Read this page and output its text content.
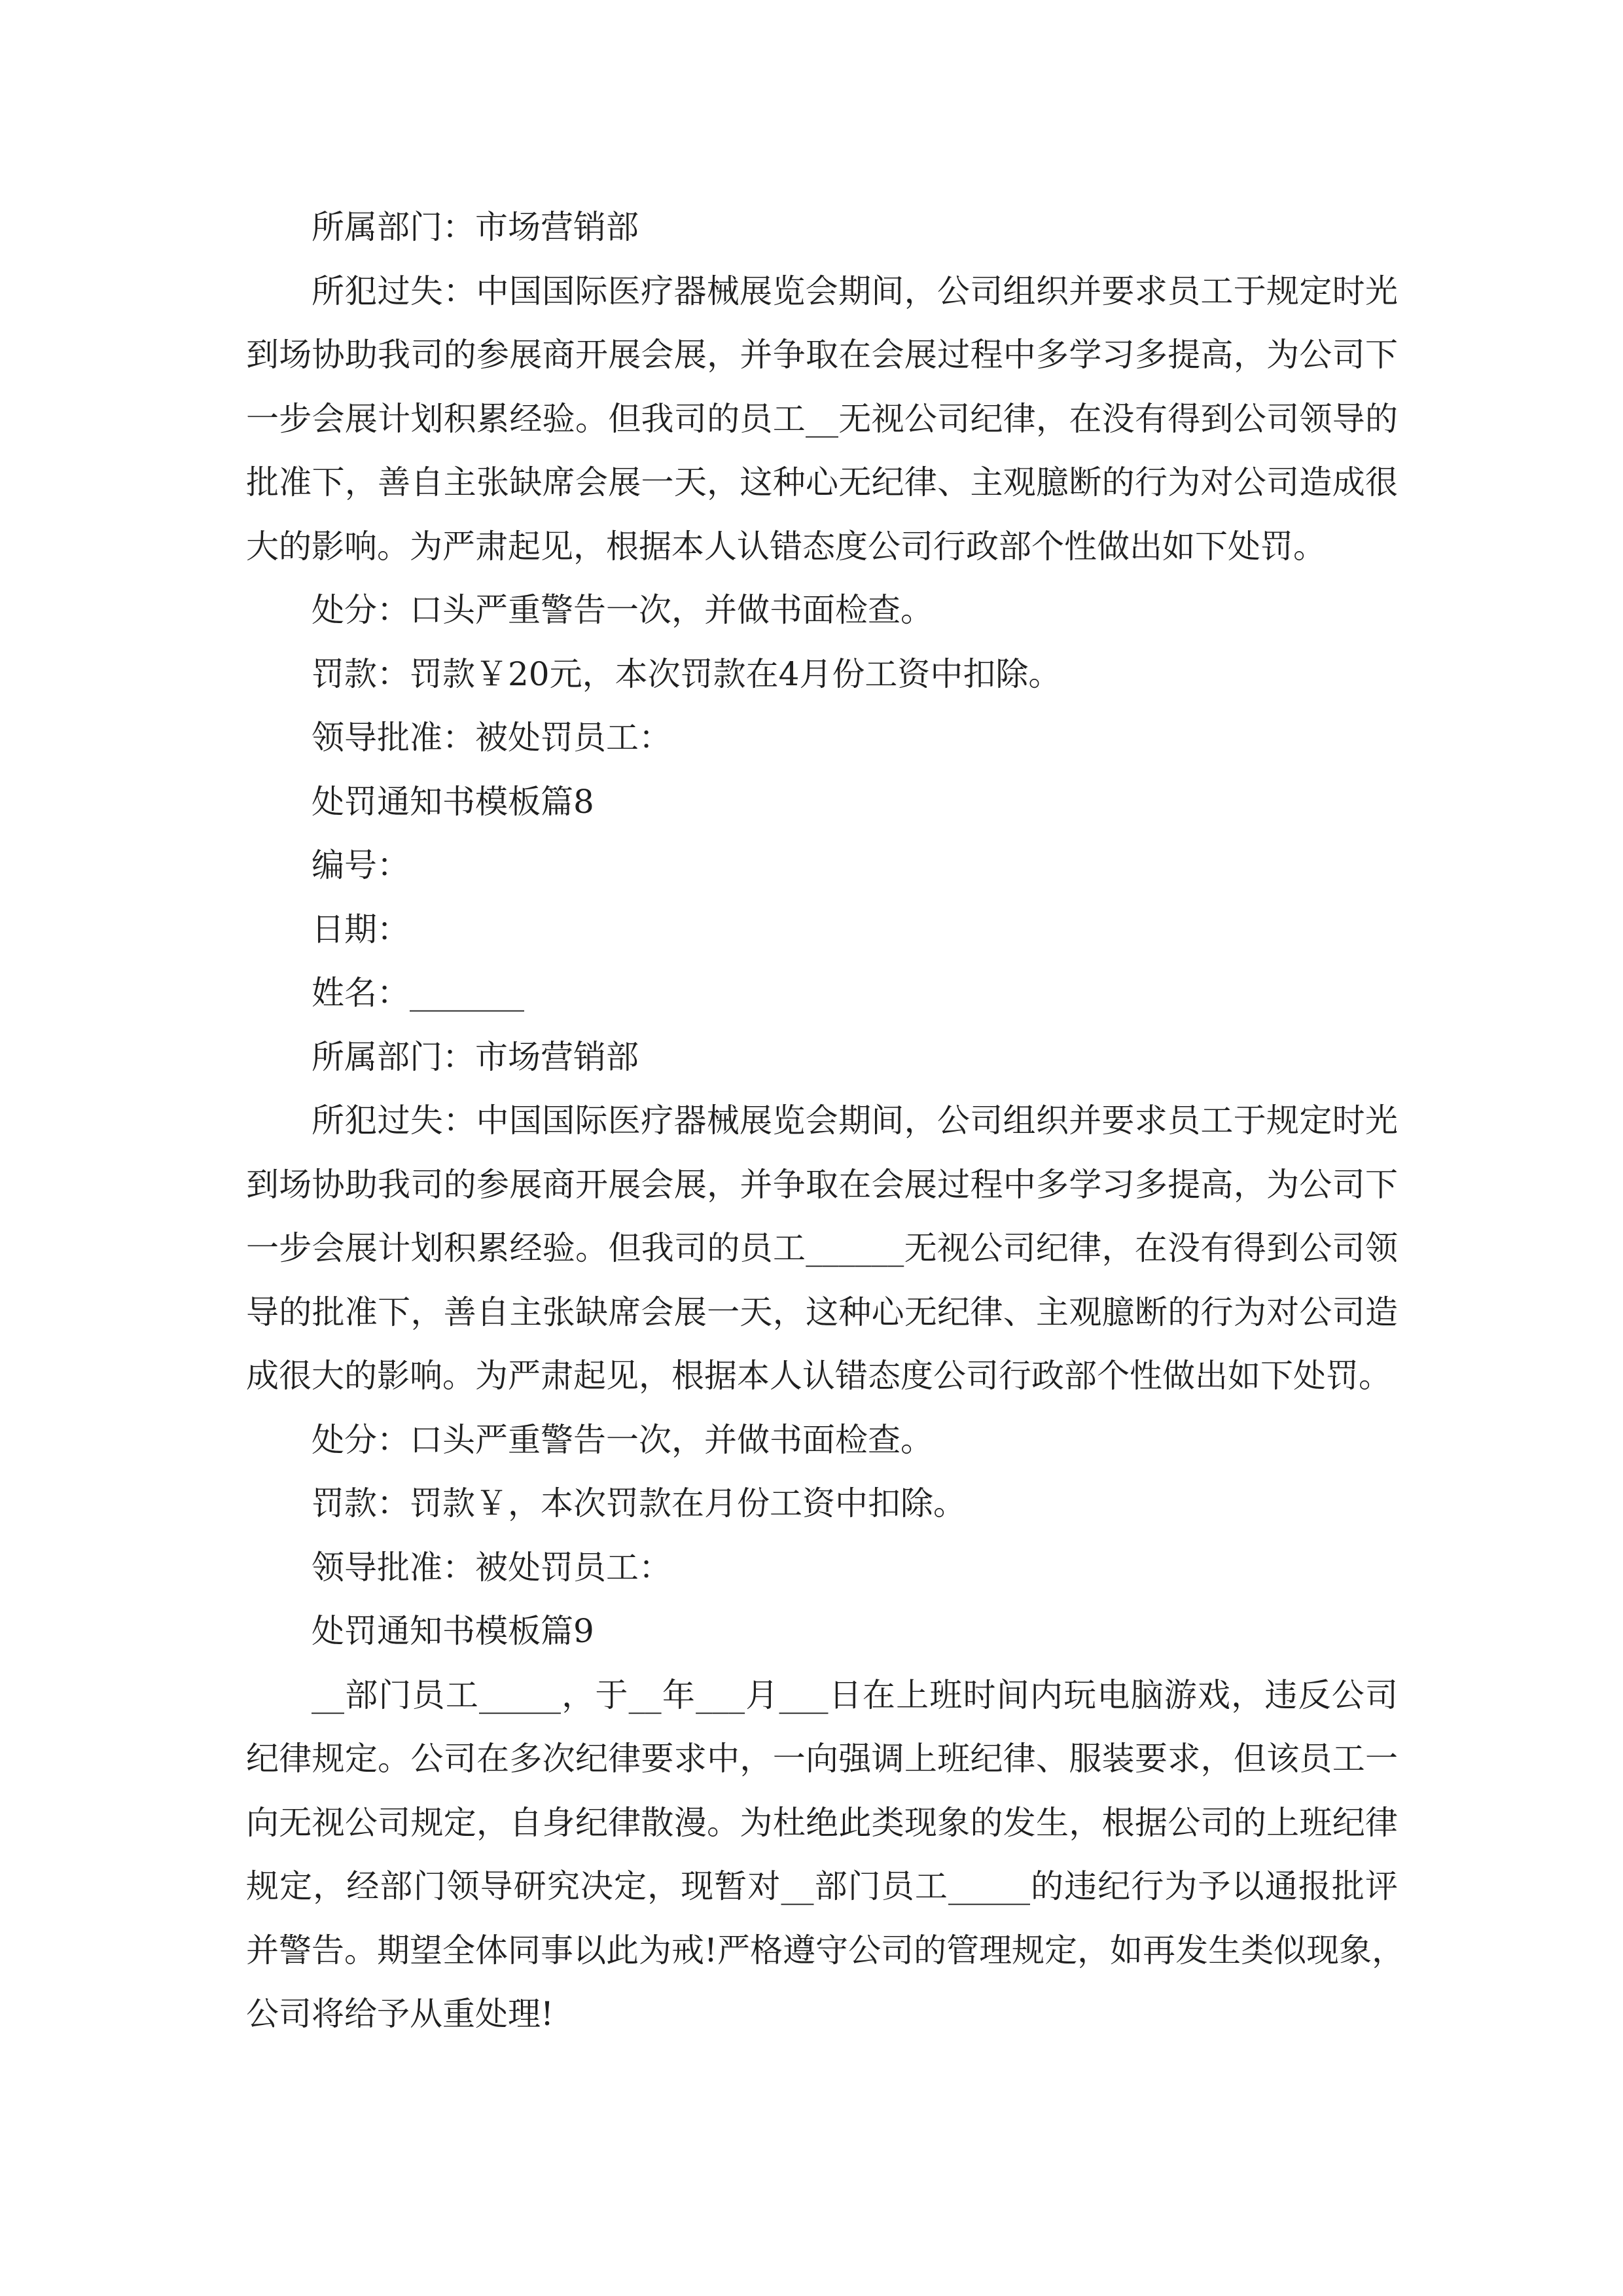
所属部门：市场营销部
所犯过失：中国国际医疗器械展览会期间，公司组织并要求员工于规定时光
到场协助我司的参展商开展会展，并争取在会展过程中多学习多提高，为公司下
一步会展计划积累经验。但我司的员工__无视公司纪律，在没有得到公司领导的
批准下，善自主张缺席会展一天，这种心无纪律、主观臆断的行为对公司造成很
大的影响。为严肃起见，根据本人认错态度公司行政部个性做出如下处罚。
处分：口头严重警告一次，并做书面检查。
罚款：罚款￥20元，本次罚款在4月份工资中扣除。
领导批准：被处罚员工：
处罚通知书模板篇8
编号：
日期：
姓名：_______
所属部门：市场营销部
所犯过失：中国国际医疗器械展览会期间，公司组织并要求员工于规定时光
到场协助我司的参展商开展会展，并争取在会展过程中多学习多提高，为公司下
一步会展计划积累经验。但我司的员工______无视公司纪律，在没有得到公司领
导的批准下，善自主张缺席会展一天，这种心无纪律、主观臆断的行为对公司造
成很大的影响。为严肃起见，根据本人认错态度公司行政部个性做出如下处罚。
处分：口头严重警告一次，并做书面检查。
罚款：罚款￥，本次罚款在月份工资中扣除。
领导批准：被处罚员工：
处罚通知书模板篇9
__部门员工_____，于__年___月___日在上班时间内玩电脑游戏，违反公司
纪律规定。公司在多次纪律要求中，一向强调上班纪律、服装要求，但该员工一
向无视公司规定，自身纪律散漫。为杜绝此类现象的发生，根据公司的上班纪律
规定，经部门领导研究决定，现暂对__部门员工_____的违纪行为予以通报批评
并警告。期望全体同事以此为戒!严格遵守公司的管理规定，如再发生类似现象，
公司将给予从重处理!
